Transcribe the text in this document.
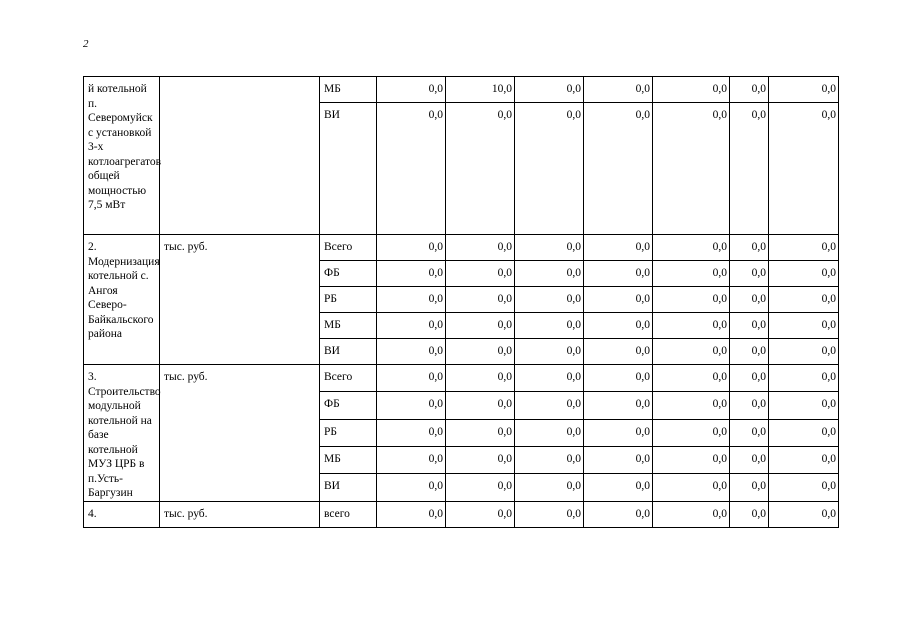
2
й котельной п. Северомуйск с установкой 3-х котлоагрегатов общей мощностью 7,5 мВт		МБ	0,0	10,0	0,0	0,0	0,0	0,0	0,0
		ВИ	0,0	0,0	0,0	0,0	0,0	0,0	0,0
2. Модернизация котельной с. Ангоя Северо-Байкальского района	тыс. руб.	Всего	0,0	0,0	0,0	0,0	0,0	0,0	0,0
		ФБ	0,0	0,0	0,0	0,0	0,0	0,0	0,0
		РБ	0,0	0,0	0,0	0,0	0,0	0,0	0,0
		МБ	0,0	0,0	0,0	0,0	0,0	0,0	0,0
		ВИ	0,0	0,0	0,0	0,0	0,0	0,0	0,0
3. Строительство модульной котельной на базе котельной МУЗ ЦРБ в п.Усть-Баргузин	тыс. руб.	Всего	0,0	0,0	0,0	0,0	0,0	0,0	0,0
		ФБ	0,0	0,0	0,0	0,0	0,0	0,0	0,0
		РБ	0,0	0,0	0,0	0,0	0,0	0,0	0,0
		МБ	0,0	0,0	0,0	0,0	0,0	0,0	0,0
		ВИ	0,0	0,0	0,0	0,0	0,0	0,0	0,0
4.	тыс. руб.	всего	0,0	0,0	0,0	0,0	0,0	0,0	0,0
